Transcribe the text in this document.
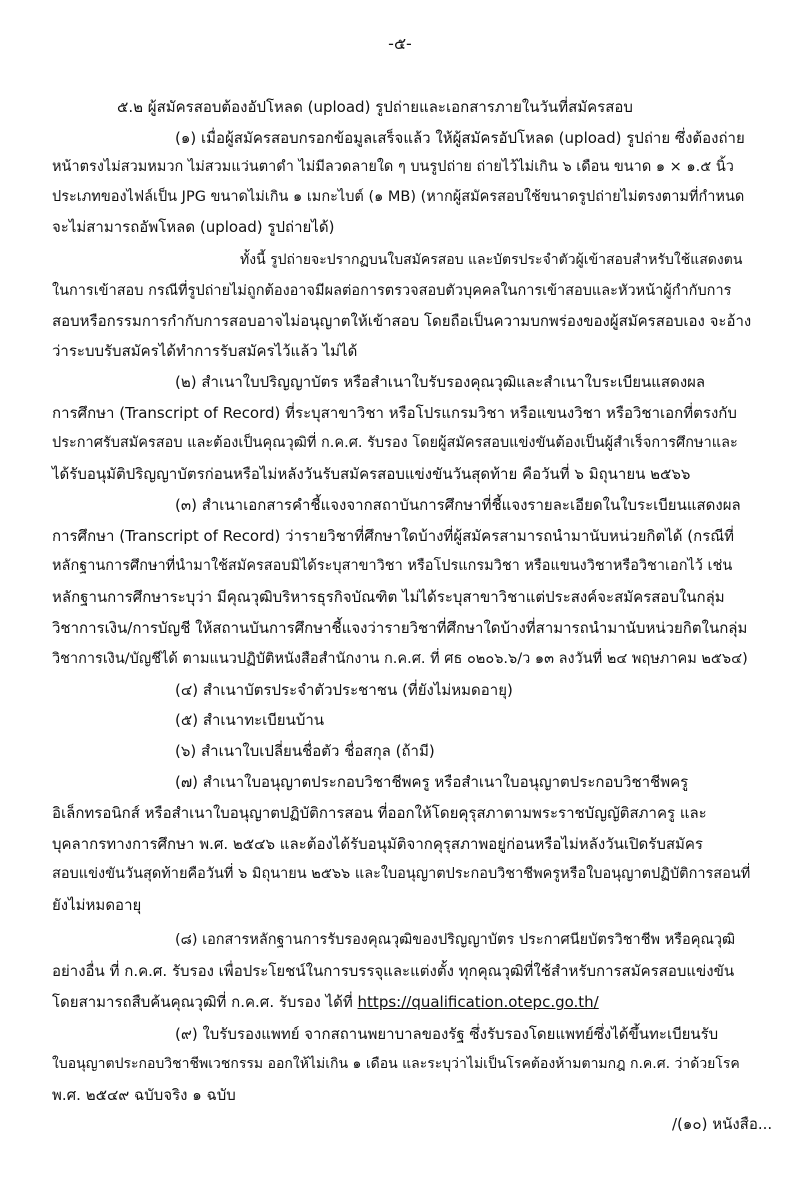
-๕-

๕.๒ ผู้สมัครสอบต้องอัปโหลด (upload) รูปถ่ายและเอกสารภายในวันที่สมัครสอบ

(๑) เมื่อผู้สมัครสอบกรอกข้อมูลเสร็จแล้ว ให้ผู้สมัครอัปโหลด (upload) รูปถ่าย ซึ่งต้องถ่าย

หน้าตรงไม่สวมหมวก ไม่สวมแว่นตาดำ ไม่มีลวดลายใด ๆ บนรูปถ่าย ถ่ายไว้ไม่เกิน ๖ เดือน ขนาด ๑ × ๑.๕ นิ้ว

ประเภทของไฟล์เป็น JPG ขนาดไม่เกิน ๑ เมกะไบต์ (๑ MB) (หากผู้สมัครสอบใช้ขนาดรูปถ่ายไม่ตรงตามที่กำหนด

จะไม่สามารถอัพโหลด (upload) รูปถ่ายได้)

ทั้งนี้ รูปถ่ายจะปรากฏบนใบสมัครสอบ และบัตรประจำตัวผู้เข้าสอบสำหรับใช้แสดงตน

ในการเข้าสอบ กรณีที่รูปถ่ายไม่ถูกต้องอาจมีผลต่อการตรวจสอบตัวบุคคลในการเข้าสอบและหัวหน้าผู้กำกับการ

สอบหรือกรรมการกำกับการสอบอาจไม่อนุญาตให้เข้าสอบ โดยถือเป็นความบกพร่องของผู้สมัครสอบเอง จะอ้าง

ว่าระบบรับสมัครได้ทำการรับสมัครไว้แล้ว ไม่ได้

(๒) สำเนาใบปริญญาบัตร หรือสำเนาใบรับรองคุณวุฒิและสำเนาใบระเบียนแสดงผล

การศึกษา (Transcript of Record) ที่ระบุสาขาวิชา หรือโปรแกรมวิชา หรือแขนงวิชา หรือวิชาเอกที่ตรงกับ

ประกาศรับสมัครสอบ และต้องเป็นคุณวุฒิที่ ก.ค.ศ. รับรอง โดยผู้สมัครสอบแข่งขันต้องเป็นผู้สำเร็จการศึกษาและ

ได้รับอนุมัติปริญญาบัตรก่อนหรือไม่หลังวันรับสมัครสอบแข่งขันวันสุดท้าย คือวันที่ ๖ มิถุนายน ๒๕๖๖

(๓) สำเนาเอกสารคำชี้แจงจากสถาบันการศึกษาที่ชี้แจงรายละเอียดในใบระเบียนแสดงผล

การศึกษา (Transcript of Record) ว่ารายวิชาที่ศึกษาใดบ้างที่ผู้สมัครสามารถนำมานับหน่วยกิตได้ (กรณีที่

หลักฐานการศึกษาที่นำมาใช้สมัครสอบมิได้ระบุสาขาวิชา หรือโปรแกรมวิชา หรือแขนงวิชาหรือวิชาเอกไว้ เช่น

หลักฐานการศึกษาระบุว่า มีคุณวุฒิบริหารธุรกิจบัณฑิต ไม่ได้ระบุสาขาวิชาแต่ประสงค์จะสมัครสอบในกลุ่ม

วิชาการเงิน/การบัญชี ให้สถานบันการศึกษาชี้แจงว่ารายวิชาที่ศึกษาใดบ้างที่สามารถนำมานับหน่วยกิตในกลุ่ม

วิชาการเงิน/บัญชีได้ ตามแนวปฏิบัติหนังสือสำนักงาน ก.ค.ศ. ที่ ศธ ๐๒๐๖.๖/ว ๑๓ ลงวันที่ ๒๔ พฤษภาคม ๒๕๖๔)

(๔) สำเนาบัตรประจำตัวประชาชน (ที่ยังไม่หมดอายุ)

(๕) สำเนาทะเบียนบ้าน

(๖) สำเนาใบเปลี่ยนชื่อตัว ชื่อสกุล (ถ้ามี)

(๗) สำเนาใบอนุญาตประกอบวิชาชีพครู หรือสำเนาใบอนุญาตประกอบวิชาชีพครู

อิเล็กทรอนิกส์ หรือสำเนาใบอนุญาตปฏิบัติการสอน ที่ออกให้โดยคุรุสภาตามพระราชบัญญัติสภาครู และ

บุคลากรทางการศึกษา พ.ศ. ๒๕๔๖ และต้องได้รับอนุมัติจากคุรุสภาพอยู่ก่อนหรือไม่หลังวันเปิดรับสมัคร

สอบแข่งขันวันสุดท้ายคือวันที่ ๖ มิถุนายน ๒๕๖๖ และใบอนุญาตประกอบวิชาชีพครูหรือใบอนุญาตปฏิบัติการสอนที่

ยังไม่หมดอายุ

(๘) เอกสารหลักฐานการรับรองคุณวุฒิของปริญญาบัตร ประกาศนียบัตรวิชาชีพ หรือคุณวุฒิ

อย่างอื่น ที่ ก.ค.ศ. รับรอง เพื่อประโยชน์ในการบรรจุและแต่งตั้ง ทุกคุณวุฒิที่ใช้สำหรับการสมัครสอบแข่งขัน

โดยสามารถสืบค้นคุณวุฒิที่ ก.ค.ศ. รับรอง ได้ที่ https://qualification.otepc.go.th/

(๙) ใบรับรองแพทย์ จากสถานพยาบาลของรัฐ ซึ่งรับรองโดยแพทย์ซึ่งได้ขึ้นทะเบียนรับ

ใบอนุญาตประกอบวิชาชีพเวชกรรม ออกให้ไม่เกิน ๑ เดือน และระบุว่าไม่เป็นโรคต้องห้ามตามกฎ ก.ค.ศ. ว่าด้วยโรค

พ.ศ. ๒๕๔๙ ฉบับจริง ๑ ฉบับ

/(๑๐) หนังสือ...
